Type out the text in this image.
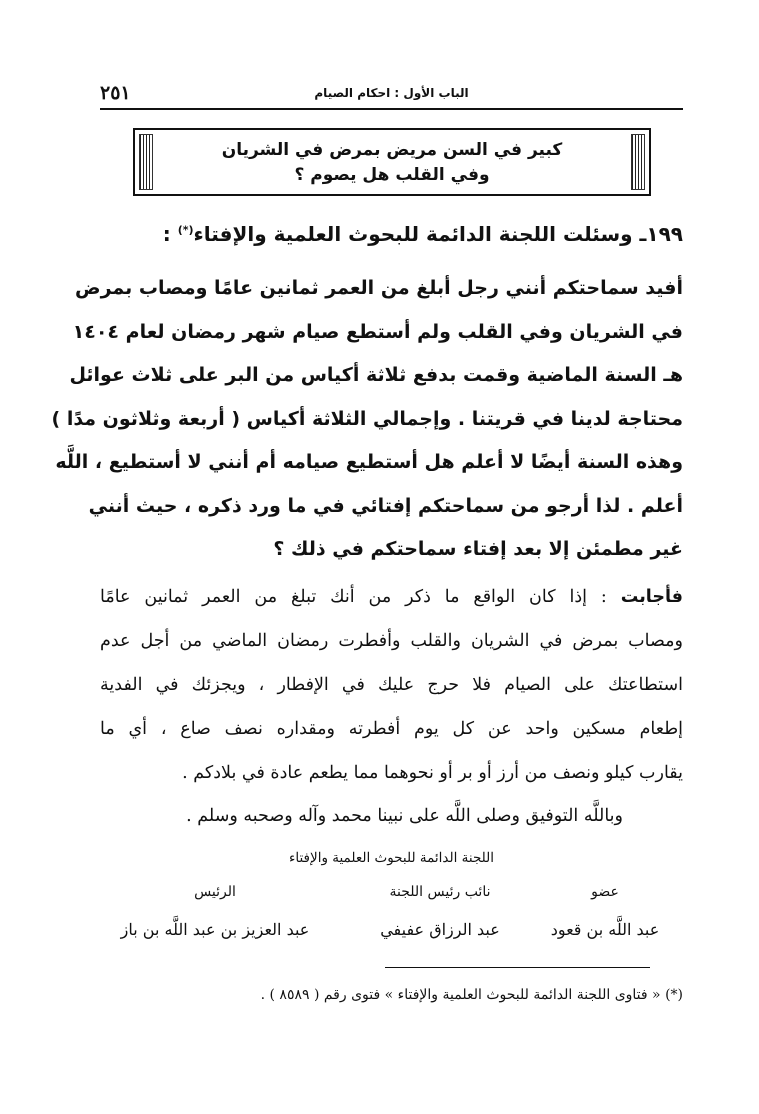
٢٥١	الباب الأول : احكام الصيام
كبير في السن مريض بمرض في الشريان
وفي القلب هل يصوم ؟
١٩٩ـ وسئلت اللجنة الدائمة للبحوث العلمية والإفتاء(*) :
أفيد سماحتكم أنني رجل أبلغ من العمر ثمانين عامًا ومصاب بمرض
في الشريان وفي القلب ولم أستطع صيام شهر رمضان لعام ١٤٠٤
هـ السنة الماضية وقمت بدفع ثلاثة أكياس من البر على ثلاث عوائل
محتاجة لدينا في قريتنا . وإجمالي الثلاثة أكياس ( أربعة وثلاثون مدًا )
وهذه السنة أيضًا لا أعلم هل أستطيع صيامه أم أنني لا أستطيع ، اللَّه
أعلم . لذا أرجو من سماحتكم إفتائي في ما ورد ذكره ، حيث أنني
غير مطمئن إلا بعد إفتاء سماحتكم في ذلك ؟
فأجابت : إذا كان الواقع ما ذكر من أنك تبلغ من العمر ثمانين عامًا
ومصاب بمرض في الشريان والقلب وأفطرت رمضان الماضي من أجل عدم
استطاعتك على الصيام فلا حرج عليك في الإفطار ، ويجزئك في الفدية
إطعام مسكين واحد عن كل يوم أفطرته ومقداره نصف صاع ، أي ما
يقارب كيلو ونصف من أرز أو بر أو نحوهما مما يطعم عادة في بلادكم .
وباللَّه التوفيق وصلى اللَّه على نبينا محمد وآله وصحبه وسلم .
اللجنة الدائمة للبحوث العلمية والإفتاء
عضو
عبد اللَّه بن قعود
نائب رئيس اللجنة
عبد الرزاق عفيفي
الرئيس
عبد العزيز بن عبد اللَّه بن باز
(*) « فتاوى اللجنة الدائمة للبحوث العلمية والإفتاء » فتوى رقم ( ٨٥٨٩ ) .
